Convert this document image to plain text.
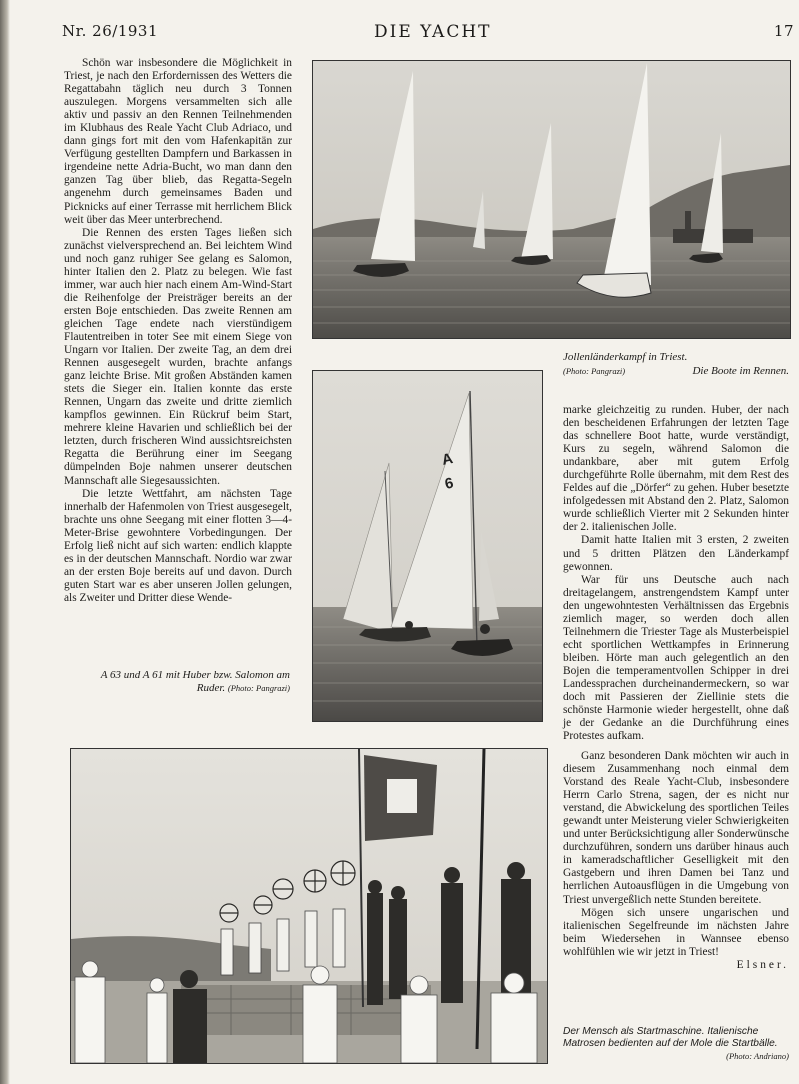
Nr. 26/1931	DIE YACHT	17

Schön war insbesondere die Möglichkeit in Triest, je nach den Erfordernissen des Wetters die Regattabahn täglich neu durch 3 Tonnen auszulegen. Morgens versammelten sich alle aktiv und passiv an den Rennen Teilnehmenden im Klubhaus des Reale Yacht Club Adriaco, und dann gings fort mit den vom Hafenkapitän zur Verfügung gestellten Dampfern und Barkassen in irgendeine nette Adria-Bucht, wo man dann den ganzen Tag über blieb, das Regatta-Segeln angenehm durch gemeinsames Baden und Picknicks auf einer Terrasse mit herrlichem Blick weit über das Meer unterbrechend.

Die Rennen des ersten Tages ließen sich zunächst vielversprechend an. Bei leichtem Wind und noch ganz ruhiger See gelang es Salomon, hinter Italien den 2. Platz zu belegen. Wie fast immer, war auch hier nach einem Am-Wind-Start die Reihenfolge der Preisträger bereits an der ersten Boje entschieden. Das zweite Rennen am gleichen Tage endete nach vierstündigem Flautentreiben in toter See mit einem Siege von Ungarn vor Italien. Der zweite Tag, an dem drei Rennen ausgesegelt wurden, brachte anfangs ganz leichte Brise. Mit großen Abständen kamen stets die Sieger ein. Italien konnte das erste Rennen, Ungarn das zweite und dritte ziemlich kampflos gewinnen. Ein Rückruf beim Start, mehrere kleine Havarien und schließlich bei der letzten, durch frischeren Wind aussichtsreichsten Regatta die Berührung einer im Seegang dümpelnden Boje nahmen unserer deutschen Mannschaft alle Siegesaussichten.

Die letzte Wettfahrt, am nächsten Tage innerhalb der Hafenmolen von Triest ausgesegelt, brachte uns ohne Seegang mit einer flotten 3—4-Meter-Brise gewohntere Vorbedingungen. Der Erfolg ließ nicht auf sich warten: endlich klappte es in der deutschen Mannschaft. Nordio war zwar an der ersten Boje bereits auf und davon. Durch guten Start war es aber unseren Jollen gelungen, als Zweiter und Dritter diese Wende-

Jollenländerkampf in Triest.
(Photo: Pangrazi)	Die Boote im Rennen.
A
6
A 63 und A 61 mit Huber bzw. Salomon am Ruder. (Photo: Pangrazi)

marke gleichzeitig zu runden. Huber, der nach den bescheidenen Erfahrungen der letzten Tage das schnellere Boot hatte, wurde verständigt, Kurs zu segeln, während Salomon die undankbare, aber mit gutem Erfolg durchgeführte Rolle übernahm, mit dem Rest des Feldes auf die „Dörfer“ zu gehen. Huber besetzte infolgedessen mit Abstand den 2. Platz, Salomon wurde schließlich Vierter mit 2 Sekunden hinter der 2. italienischen Jolle.

Damit hatte Italien mit 3 ersten, 2 zweiten und 5 dritten Plätzen den Länderkampf gewonnen.

War für uns Deutsche auch nach dreitagelangem, anstrengendstem Kampf unter den ungewohntesten Verhältnissen das Ergebnis ziemlich mager, so werden doch allen Teilnehmern die Triester Tage als Musterbeispiel echt sportlichen Wettkampfes in Erinnerung bleiben. Hörte man auch gelegentlich an den Bojen die temperamentvollen Schipper in drei Landessprachen durcheinandermeckern, so war doch mit Passieren der Ziellinie stets die schönste Harmonie wieder hergestellt, ohne daß je der Gedanke an die Durchführung eines Protestes aufkam.

Ganz besonderen Dank möchten wir auch in diesem Zusammenhang noch einmal dem Vorstand des Reale Yacht-Club, insbesondere Herrn Carlo Strena, sagen, der es nicht nur verstand, die Abwickelung des sportlichen Teiles gewandt unter Meisterung vieler Schwierigkeiten und unter Berücksichtigung aller Sonderwünsche durchzuführen, sondern uns darüber hinaus auch in kameradschaftlicher Geselligkeit mit den Gastgebern und ihren Damen bei Tanz und herrlichen Autoausflügen in die Umgebung von Triest unvergeßlich nette Stunden bereitete.

Mögen sich unsere ungarischen und italienischen Segelfreunde im nächsten Jahre beim Wiedersehen in Wannsee ebenso wohlfühlen wie wir jetzt in Triest!
Elsner.

Der Mensch als Startmaschine. Italienische Matrosen bedienten auf der Mole die Startbälle.
(Photo: Andriano)
